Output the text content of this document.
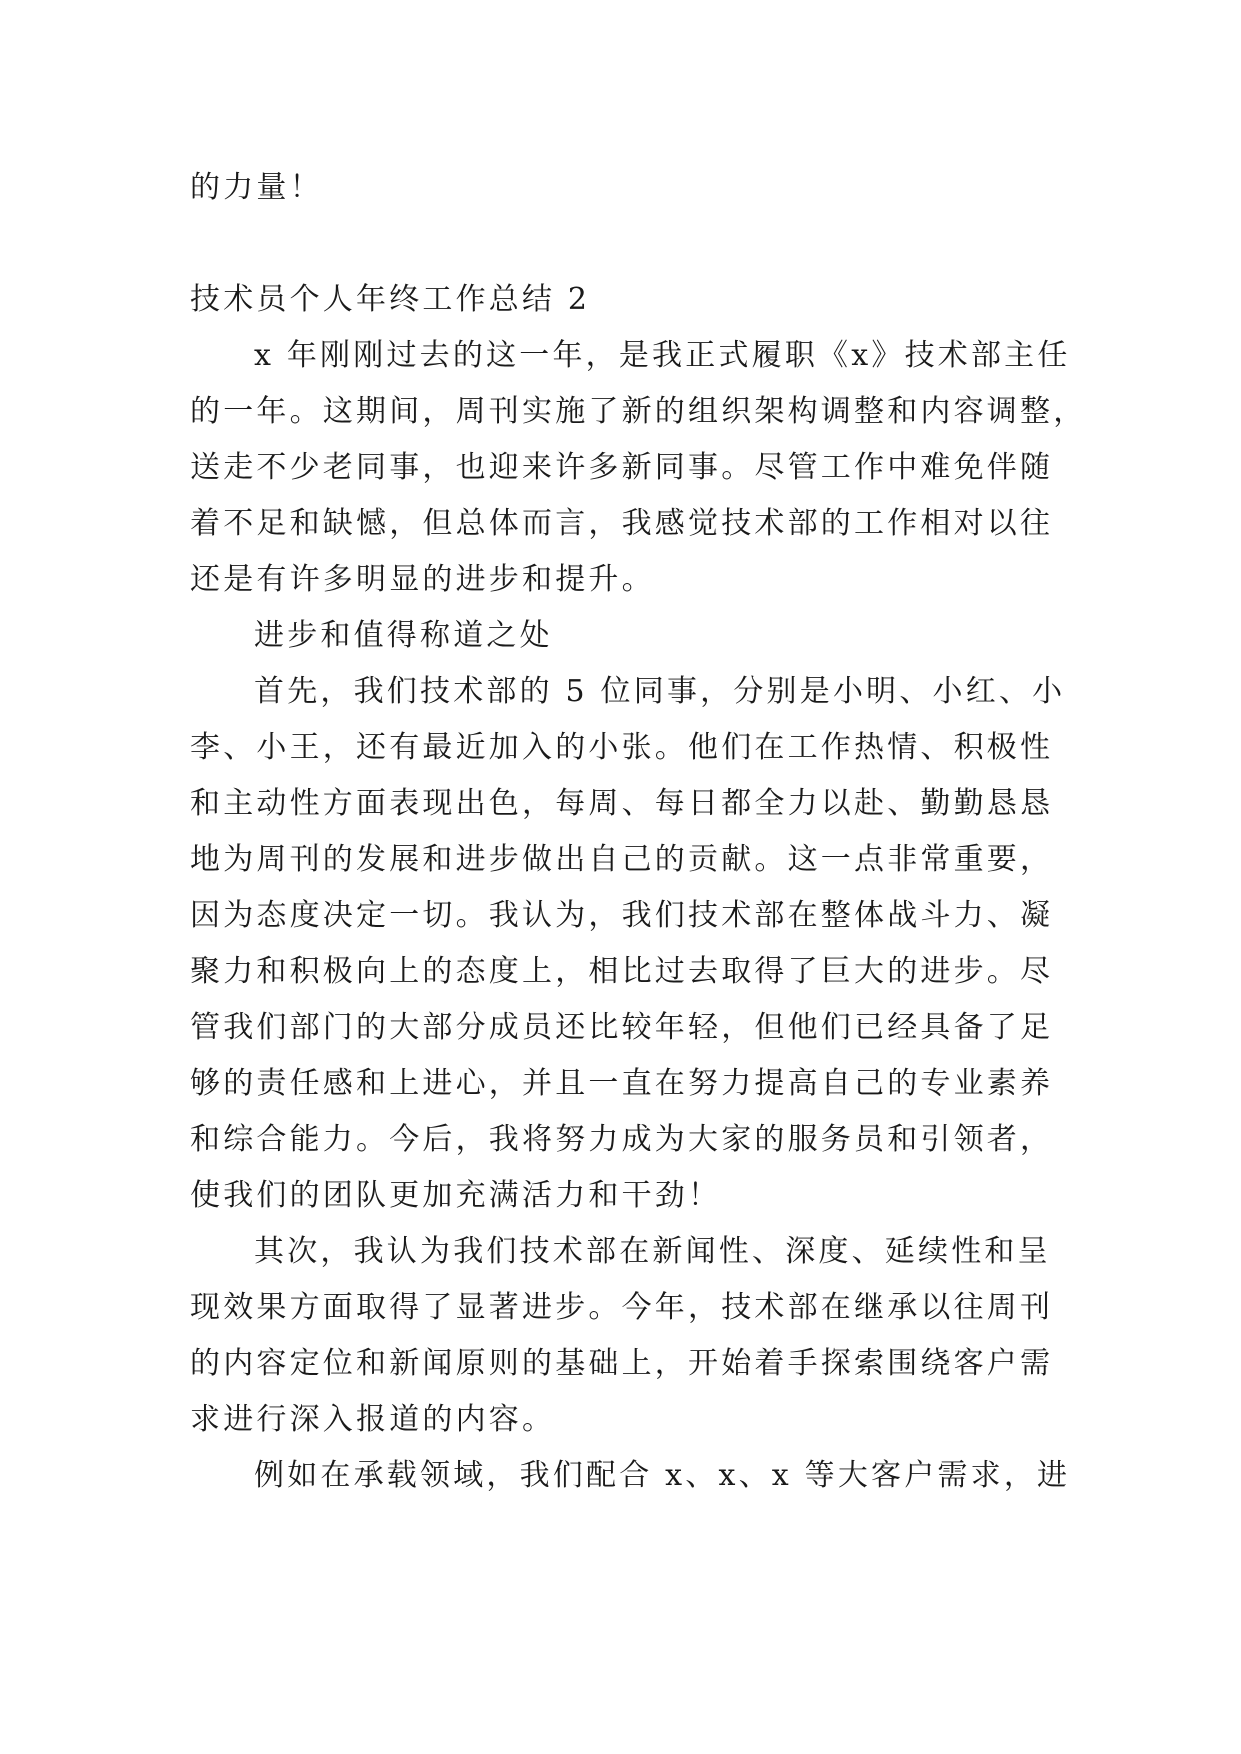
的力量！

技术员个人年终工作总结 2

x 年刚刚过去的这一年，是我正式履职《x》技术部主任

的一年。这期间，周刊实施了新的组织架构调整和内容调整，

送走不少老同事，也迎来许多新同事。尽管工作中难免伴随

着不足和缺憾，但总体而言，我感觉技术部的工作相对以往

还是有许多明显的进步和提升。

进步和值得称道之处

首先，我们技术部的 5 位同事，分别是小明、小红、小

李、小王，还有最近加入的小张。他们在工作热情、积极性

和主动性方面表现出色，每周、每日都全力以赴、勤勤恳恳

地为周刊的发展和进步做出自己的贡献。这一点非常重要，

因为态度决定一切。我认为，我们技术部在整体战斗力、凝

聚力和积极向上的态度上，相比过去取得了巨大的进步。尽

管我们部门的大部分成员还比较年轻，但他们已经具备了足

够的责任感和上进心，并且一直在努力提高自己的专业素养

和综合能力。今后，我将努力成为大家的服务员和引领者，

使我们的团队更加充满活力和干劲！

其次，我认为我们技术部在新闻性、深度、延续性和呈

现效果方面取得了显著进步。今年，技术部在继承以往周刊

的内容定位和新闻原则的基础上，开始着手探索围绕客户需

求进行深入报道的内容。

例如在承载领域，我们配合 x、x、x 等大客户需求，进
